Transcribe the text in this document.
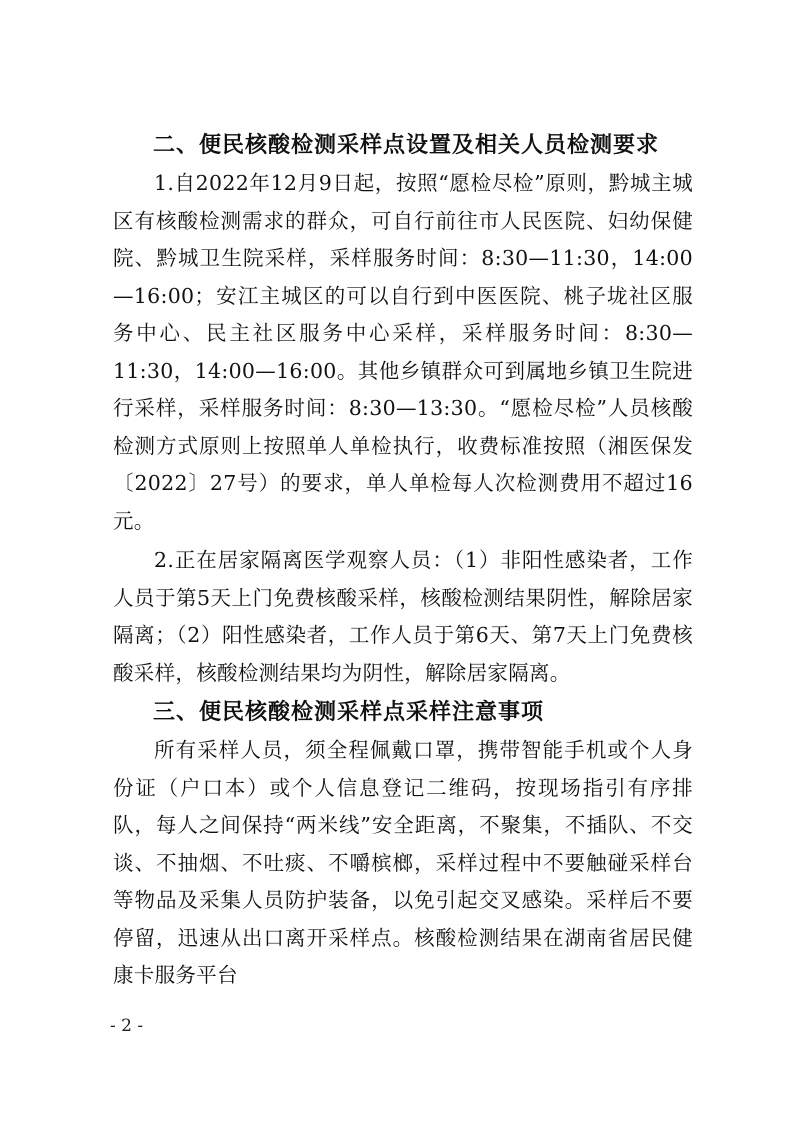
二、便民核酸检测采样点设置及相关人员检测要求

1.自2022年12月9日起，按照“愿检尽检”原则，黔城主城区有核酸检测需求的群众，可自行前往市人民医院、妇幼保健院、黔城卫生院采样，采样服务时间：8:30—11:30，14:00—16:00；安江主城区的可以自行到中医医院、桃子垅社区服务中心、民主社区服务中心采样，采样服务时间：8:30—11:30，14:00—16:00。其他乡镇群众可到属地乡镇卫生院进行采样，采样服务时间：8:30—13:30。“愿检尽检”人员核酸检测方式原则上按照单人单检执行，收费标准按照（湘医保发〔2022〕27号）的要求，单人单检每人次检测费用不超过16元。

2.正在居家隔离医学观察人员：（1）非阳性感染者，工作人员于第5天上门免费核酸采样，核酸检测结果阴性，解除居家隔离；（2）阳性感染者，工作人员于第6天、第7天上门免费核酸采样，核酸检测结果均为阴性，解除居家隔离。

三、便民核酸检测采样点采样注意事项

所有采样人员，须全程佩戴口罩，携带智能手机或个人身份证（户口本）或个人信息登记二维码，按现场指引有序排队，每人之间保持“两米线”安全距离，不聚集，不插队、不交谈、不抽烟、不吐痰、不嚼槟榔，采样过程中不要触碰采样台等物品及采集人员防护装备，以免引起交叉感染。采样后不要停留，迅速从出口离开采样点。核酸检测结果在湖南省居民健康卡服务平台

- 2 -
